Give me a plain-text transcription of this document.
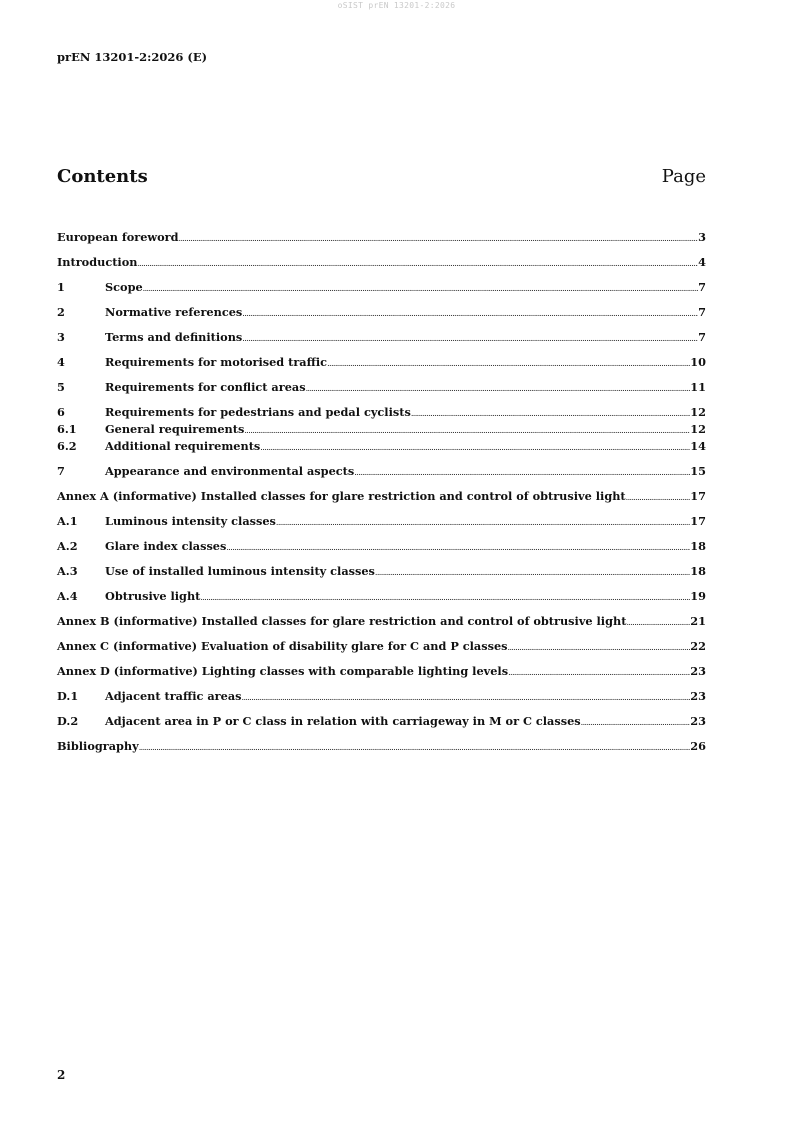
oSIST prEN 13201-2:2026
prEN 13201-2:2026 (E)
Contents	Page
European foreword .....	3
Introduction .....	4
1	Scope .....	7
2	Normative references .....	7
3	Terms and definitions .....	7
4	Requirements for motorised traffic .....	10
5	Requirements for conflict areas .....	11
6	Requirements for pedestrians and pedal cyclists .....	12
6.1	General requirements .....	12
6.2	Additional requirements .....	14
7	Appearance and environmental aspects .....	15
Annex A (informative) Installed classes for glare restriction and control of obtrusive light .....	17
A.1	Luminous intensity classes .....	17
A.2	Glare index classes .....	18
A.3	Use of installed luminous intensity classes .....	18
A.4	Obtrusive light .....	19
Annex B (informative) Installed classes for glare restriction and control of obtrusive light .....	21
Annex C (informative) Evaluation of disability glare for C and P classes .....	22
Annex D (informative) Lighting classes with comparable lighting levels .....	23
D.1	Adjacent traffic areas .....	23
D.2	Adjacent area in P or C class in relation with carriageway in M or C classes .....	23
Bibliography .....	26
2
